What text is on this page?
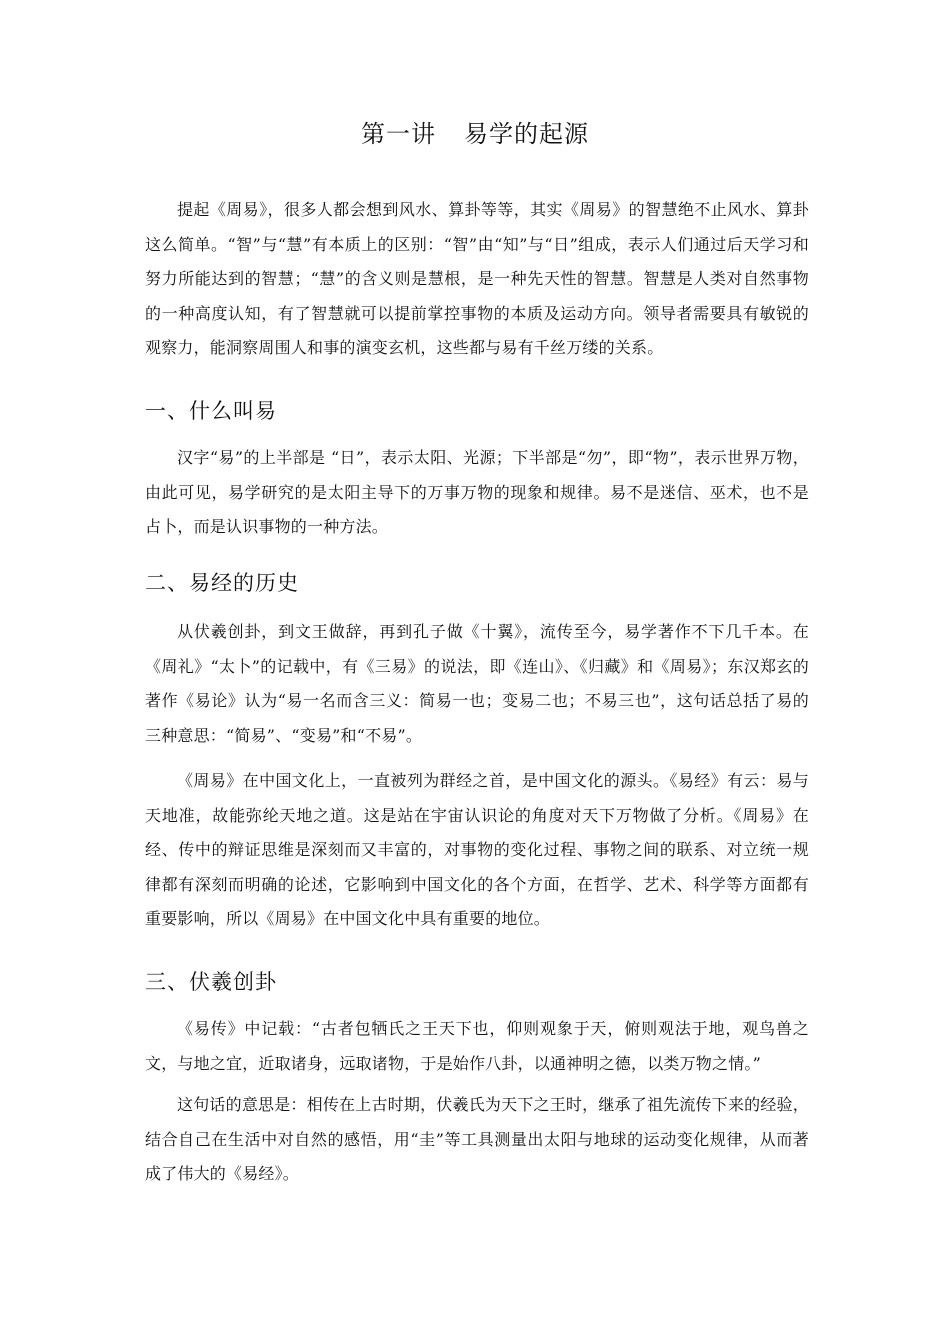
第一讲 易学的起源

提起《周易》，很多人都会想到风水、算卦等等，其实《周易》的智慧绝不止风水、算卦这么简单。“智”与“慧”有本质上的区别：“智”由“知”与“日”组成，表示人们通过后天学习和努力所能达到的智慧；“慧”的含义则是慧根，是一种先天性的智慧。智慧是人类对自然事物的一种高度认知，有了智慧就可以提前掌控事物的本质及运动方向。领导者需要具有敏锐的观察力，能洞察周围人和事的演变玄机，这些都与易有千丝万缕的关系。

一、什么叫易

汉字“易”的上半部是 “日”，表示太阳、光源；下半部是“勿”，即“物”，表示世界万物，由此可见，易学研究的是太阳主导下的万事万物的现象和规律。易不是迷信、巫术，也不是占卜，而是认识事物的一种方法。

二、易经的历史

从伏羲创卦，到文王做辞，再到孔子做《十翼》，流传至今，易学著作不下几千本。在《周礼》“太卜”的记载中，有《三易》的说法，即《连山》、《归藏》和《周易》；东汉郑玄的著作《易论》认为“易一名而含三义：简易一也；变易二也；不易三也”，这句话总括了易的三种意思：“简易”、“变易”和“不易”。

《周易》在中国文化上，一直被列为群经之首，是中国文化的源头。《易经》有云：易与天地准，故能弥纶天地之道。这是站在宇宙认识论的角度对天下万物做了分析。《周易》在经、传中的辩证思维是深刻而又丰富的，对事物的变化过程、事物之间的联系、对立统一规律都有深刻而明确的论述，它影响到中国文化的各个方面，在哲学、艺术、科学等方面都有重要影响，所以《周易》在中国文化中具有重要的地位。

三、伏羲创卦

《易传》中记载：“古者包牺氏之王天下也，仰则观象于天，俯则观法于地，观鸟兽之文，与地之宜，近取诸身，远取诸物，于是始作八卦，以通神明之德，以类万物之情。”

这句话的意思是：相传在上古时期，伏羲氏为天下之王时，继承了祖先流传下来的经验，结合自己在生活中对自然的感悟，用“圭”等工具测量出太阳与地球的运动变化规律，从而著成了伟大的《易经》。
